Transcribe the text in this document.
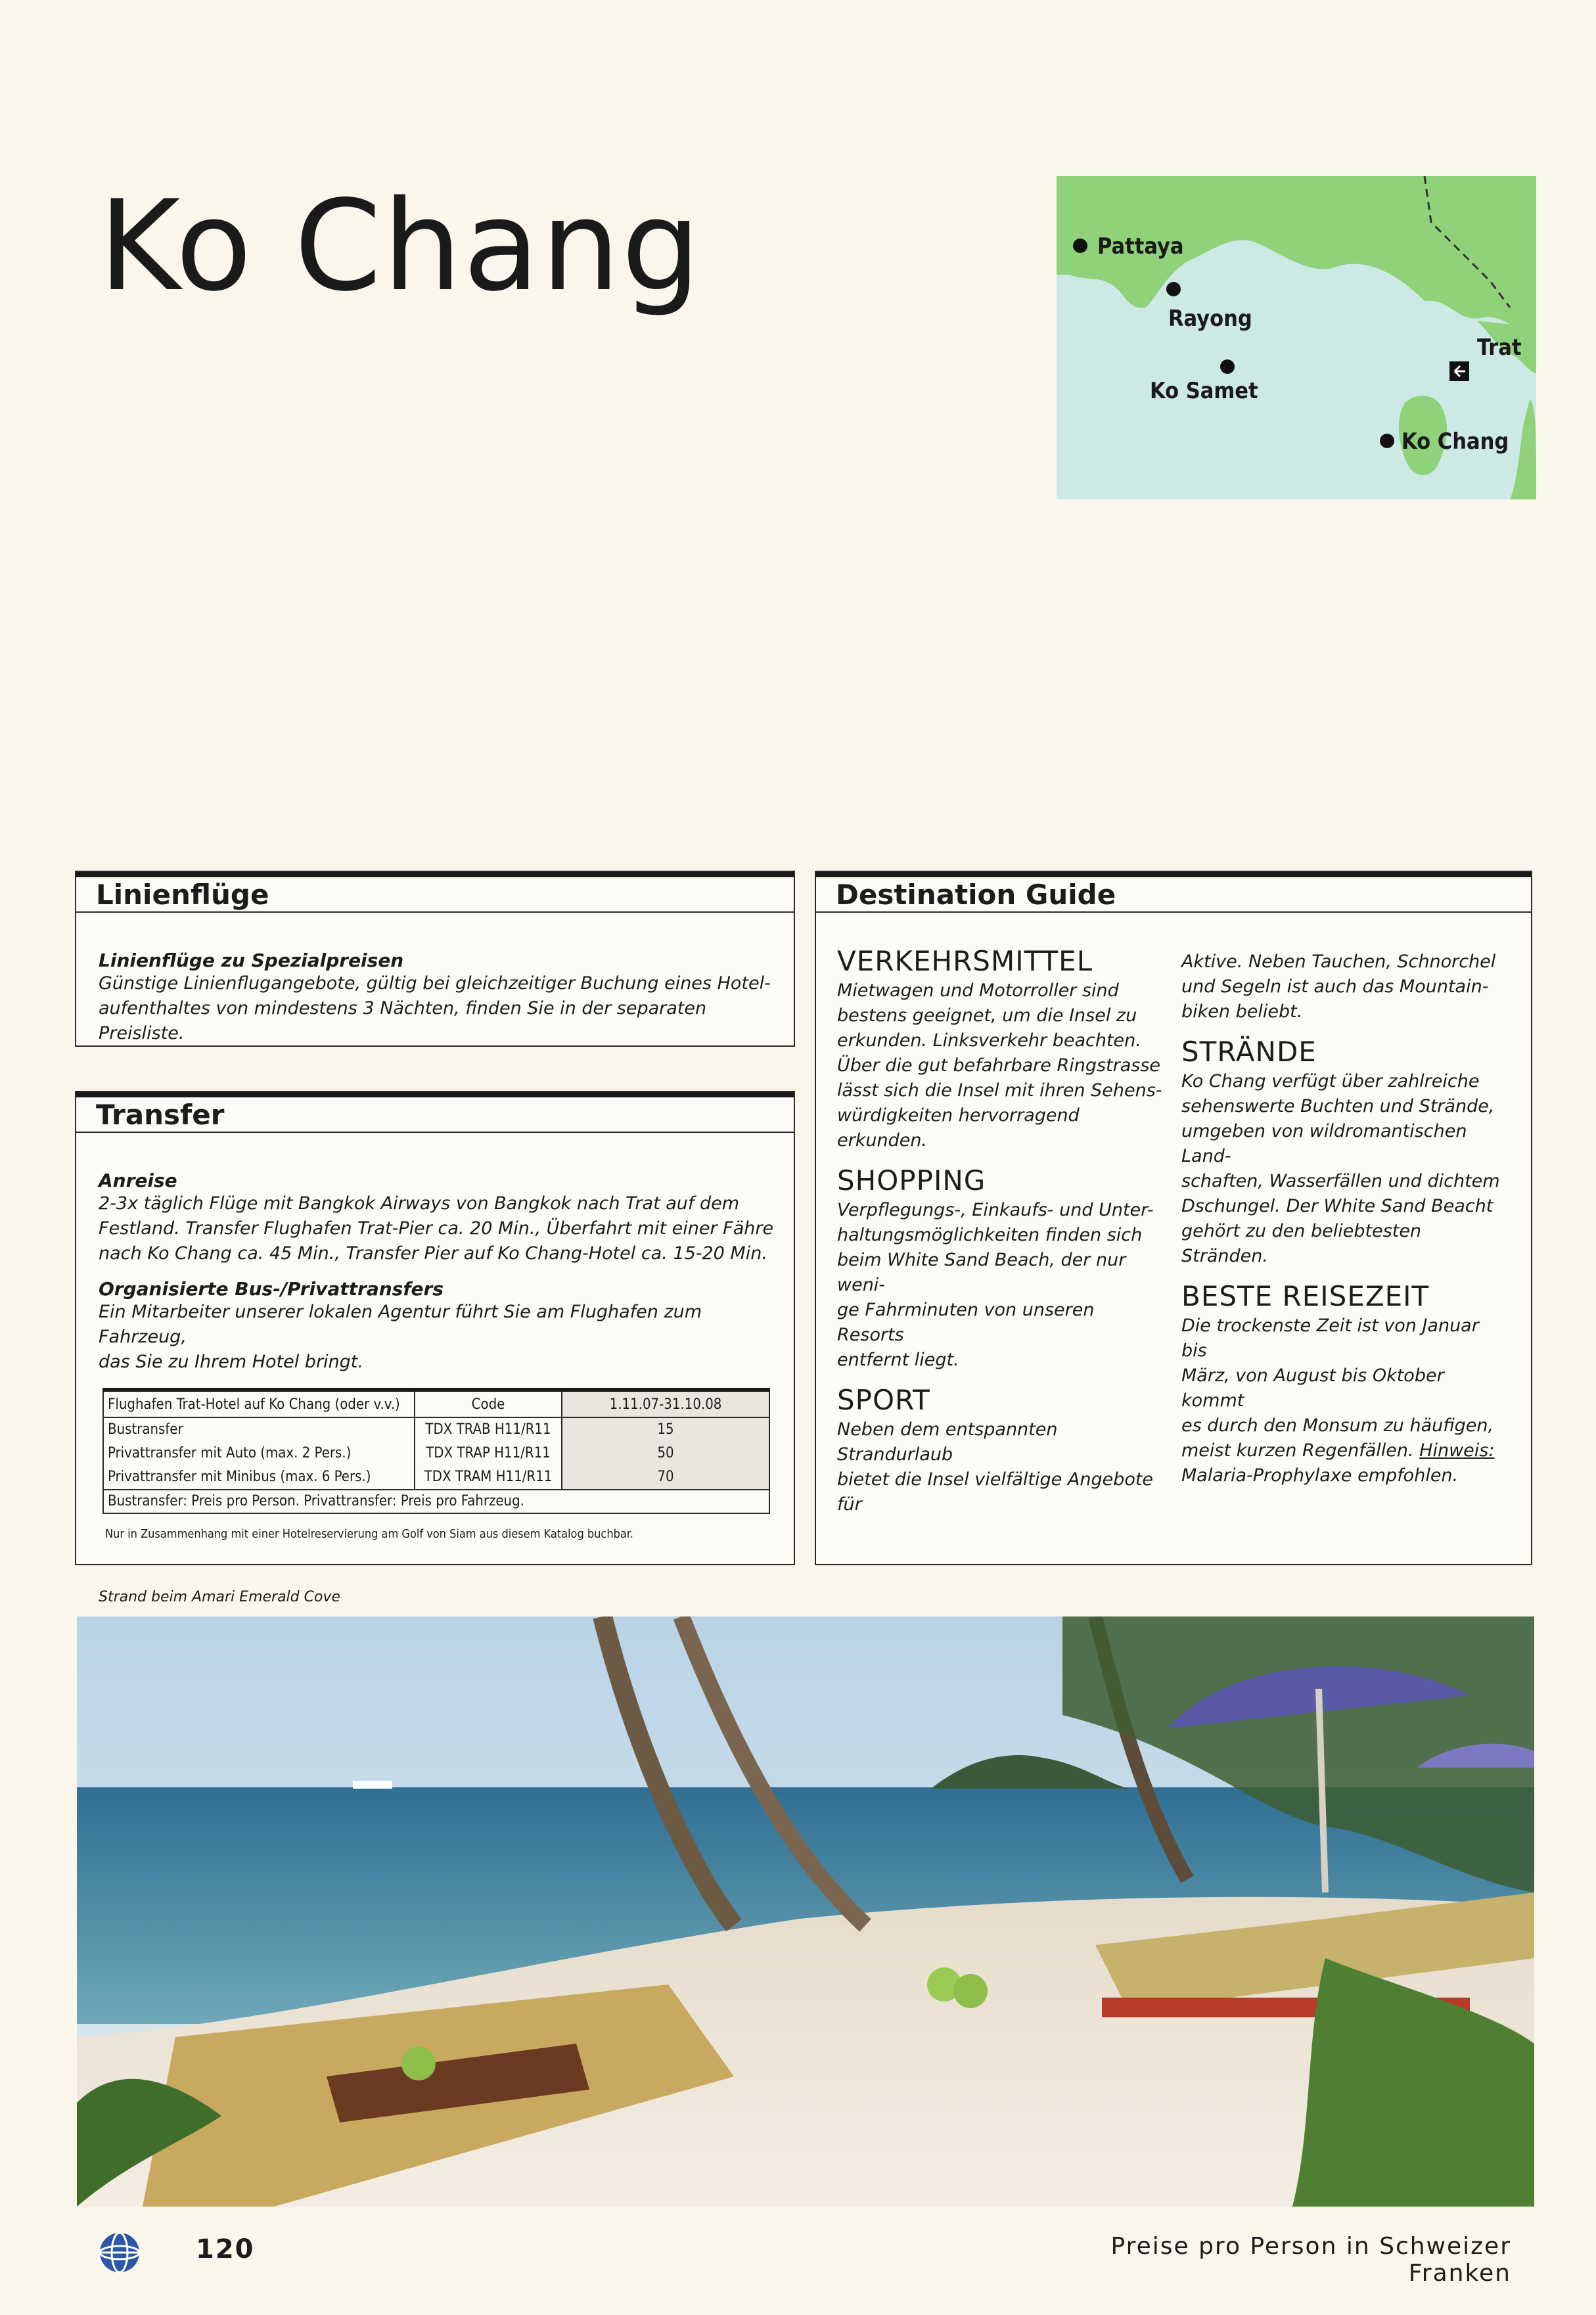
Ko Chang	Pattaya
Rayong
Ko Samet
Trat
Ko Chang
Linienflüge
Linienflüge zu Spezialpreisen
Günstige Linienflugangebote, gültig bei gleichzeitiger Buchung eines Hotel-
aufenthaltes von mindestens 3 Nächten, finden Sie in der separaten Preisliste.
Transfer
Anreise
2-3x täglich Flüge mit Bangkok Airways von Bangkok nach Trat auf dem
Festland. Transfer Flughafen Trat-Pier ca. 20 Min., Überfahrt mit einer Fähre
nach Ko Chang ca. 45 Min., Transfer Pier auf Ko Chang-Hotel ca. 15-20 Min.
Organisierte Bus-/Privattransfers
Ein Mitarbeiter unserer lokalen Agentur führt Sie am Flughafen zum Fahrzeug,
das Sie zu Ihrem Hotel bringt.
Flughafen Trat-Hotel auf Ko Chang (oder v.v.)	Code	1.11.07-31.10.08
Bustransfer	TDX TRAB H11/R11	15
Privattransfer mit Auto (max. 2 Pers.)	TDX TRAP H11/R11	50
Privattransfer mit Minibus (max. 6 Pers.)	TDX TRAM H11/R11	70
Bustransfer: Preis pro Person. Privattransfer: Preis pro Fahrzeug.		
Nur in Zusammenhang mit einer Hotelreservierung am Golf von Siam aus diesem Katalog buchbar.
Destination Guide
VERKEHRSMITTEL
Mietwagen und Motorroller sind
bestens geeignet, um die Insel zu
erkunden. Linksverkehr beachten.
Über die gut befahrbare Ringstrasse
lässt sich die Insel mit ihren Sehens-
würdigkeiten hervorragend erkunden.
SHOPPING
Verpflegungs-, Einkaufs- und Unter-
haltungsmöglichkeiten finden sich
beim White Sand Beach, der nur weni-
ge Fahrminuten von unseren Resorts
entfernt liegt.
SPORT
Neben dem entspannten Strandurlaub
bietet die Insel vielfältige Angebote für
Aktive. Neben Tauchen, Schnorchel
und Segeln ist auch das Mountain-
biken beliebt.
STRÄNDE
Ko Chang verfügt über zahlreiche
sehenswerte Buchten und Strände,
umgeben von wildromantischen Land-
schaften, Wasserfällen und dichtem
Dschungel. Der White Sand Beacht
gehört zu den beliebtesten Stränden.
BESTE REISEZEIT
Die trockenste Zeit ist von Januar bis
März, von August bis Oktober kommt
es durch den Monsum zu häufigen,
meist kurzen Regenfällen. Hinweis:
Malaria-Prophylaxe empfohlen.
Strand beim Amari Emerald Cove
120	Preise pro Person in Schweizer Franken
